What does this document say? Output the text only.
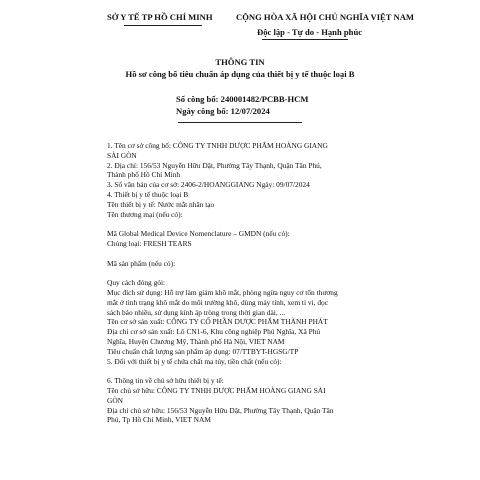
SỞ Y TẾ TP HỒ CHÍ MINH	CỘNG HÒA XÃ HỘI CHỦ NGHĨA VIỆT NAM
Độc lập - Tự do - Hạnh phúc
THÔNG TIN
Hồ sơ công bố tiêu chuẩn áp dụng của thiết bị y tế thuộc loại B
Số công bố: 240001482/PCBB-HCM
Ngày công bố: 12/07/2024

1. Tên cơ sở công bố: CÔNG TY TNHH DƯỢC PHẨM HOÀNG GIANG

SÀI GÒN

2. Địa chỉ: 156/53 Nguyễn Hữu Dật, Phường Tây Thạnh, Quận Tân Phú,

Thành phố Hồ Chí Minh

3. Số văn bản của cơ sở: 2406-2/HOANGGIANG Ngày: 09/07/2024

4. Thiết bị y tế thuộc loại B

Tên thiết bị y tế: Nước mắt nhân tạo

Tên thương mại (nếu có):

Mã Global Medical Device Nomenclature – GMDN (nếu có):

Chủng loại: FRESH TEARS

Mã sản phẩm (nếu có):

Quy cách đóng gói:

Mục đích sử dụng: Hỗ trợ làm giảm khô mắt, phòng ngừa nguy cơ tổn thương

mắt ở tình trạng khô mắt do môi trường khô, dùng máy tính, xem ti vi, đọc

sách báo nhiều, sử dụng kính áp tròng trong thời gian dài, ...

Tên cơ sở sản xuất: CÔNG TY CỔ PHẦN DƯỢC PHẨM THÀNH PHÁT

Địa chỉ cơ sở sản xuất: Lô CN1-6, Khu công nghiệp Phú Nghĩa, Xã Phú

Nghĩa, Huyện Chương Mỹ, Thành phố Hà Nội, VIET NAM

Tiêu chuẩn chất lượng sản phẩm áp dụng: 07/TTBYT-HGSG/TP

5. Đối với thiết bị y tế chứa chất ma túy, tiền chất (nếu có):

6. Thông tin về chủ sở hữu thiết bị y tế:

Tên chủ sở hữu: CÔNG TY TNHH DƯỢC PHẨM HOÀNG GIANG SÀI

GÒN

Địa chỉ chủ sở hữu: 156/53 Nguyễn Hữu Dật, Phường Tây Thạnh, Quận Tân

Phú, Tp Hồ Chí Minh, VIET NAM
